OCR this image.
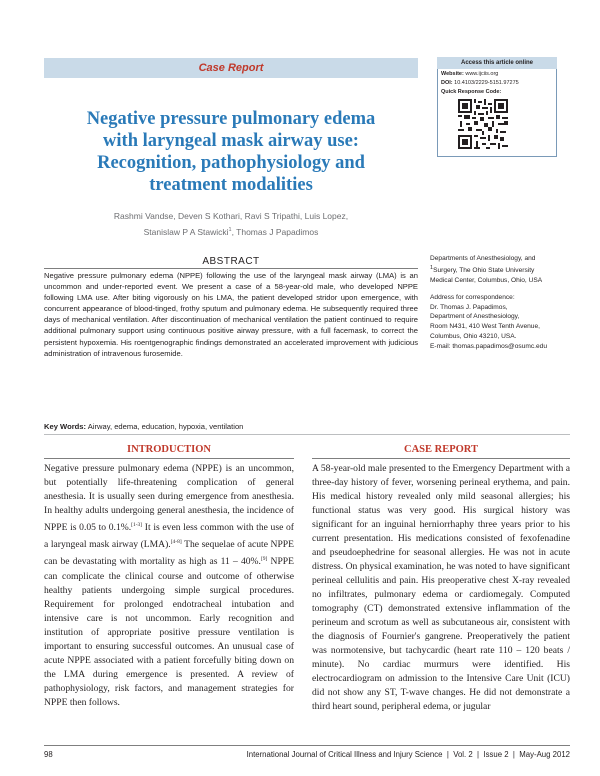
Case Report	Access this article online
Website: www.ijciis.org
DOI: 10.4103/2229-5151.97275
Quick Response Code:
Negative pressure pulmonary edema
with laryngeal mask airway use:
Recognition, pathophysiology and
treatment modalities
Rashmi Vandse, Deven S Kothari, Ravi S Tripathi, Luis Lopez,
Stanislaw P A Stawicki$^1$, Thomas J Papadimos
ABSTRACT
Negative pressure pulmonary edema (NPPE) following the use of the laryngeal mask airway (LMA) is an uncommon and under-reported event. We present a case of a 58-year-old male, who developed NPPE following LMA use. After biting vigorously on his LMA, the patient developed stridor upon emergence, with concurrent appearance of blood-tinged, frothy sputum and pulmonary edema. He subsequently required three days of mechanical ventilation. After discontinuation of mechanical ventilation the patient continued to require additional pulmonary support using continuous positive airway pressure, with a full facemask, to correct the persistent hypoxemia. His roentgenographic findings demonstrated an accelerated improvement with judicious administration of intravenous furosemide.
Key Words: Airway, edema, education, hypoxia, ventilation
Departments of Anesthesiology, and
$^1$Surgery, The Ohio State University
Medical Center, Columbus, Ohio, USA
Address for correspondence:
Dr. Thomas J. Papadimos,
Department of Anesthesiology,
Room N431, 410 West Tenth Avenue,
Columbus, Ohio 43210, USA.
E-mail: thomas.papadimos@osumc.edu
INTRODUCTION
Negative pressure pulmonary edema (NPPE) is an uncommon, but potentially life-threatening complication of general anesthesia. It is usually seen during emergence from anesthesia. In healthy adults undergoing general anesthesia, the incidence of NPPE is 0.05 to 0.1%.[1-3] It is even less common with the use of a laryngeal mask airway (LMA).[4-8] The sequelae of acute NPPE can be devastating with mortality as high as 11 – 40%.[9] NPPE can complicate the clinical course and outcome of otherwise healthy patients undergoing simple surgical procedures. Requirement for prolonged endotracheal intubation and intensive care is not uncommon. Early recognition and institution of appropriate positive pressure ventilation is important to ensuring successful outcomes. An unusual case of acute NPPE associated with a patient forcefully biting down on the LMA during emergence is presented. A review of pathophysiology, risk factors, and management strategies for NPPE then follows.
CASE REPORT
A 58-year-old male presented to the Emergency Department with a three-day history of fever, worsening perineal erythema, and pain. His medical history revealed only mild seasonal allergies; his functional status was very good. His surgical history was significant for an inguinal herniorrhaphy three years prior to his current presentation. His medications consisted of fexofenadine and pseudoephedrine for seasonal allergies. He was not in acute distress. On physical examination, he was noted to have significant perineal cellulitis and pain. His preoperative chest X-ray revealed no infiltrates, pulmonary edema or cardiomegaly. Computed tomography (CT) demonstrated extensive inflammation of the perineum and scrotum as well as subcutaneous air, consistent with the diagnosis of Fournier's gangrene. Preoperatively the patient was normotensive, but tachycardic (heart rate 110 – 120 beats / minute). No cardiac murmurs were identified. His electrocardiogram on admission to the Intensive Care Unit (ICU) did not show any ST, T-wave changes. He did not demonstrate a third heart sound, peripheral edema, or jugular
98	International Journal of Critical Illness and Injury Science | Vol. 2 | Issue 2 | May-Aug 2012
